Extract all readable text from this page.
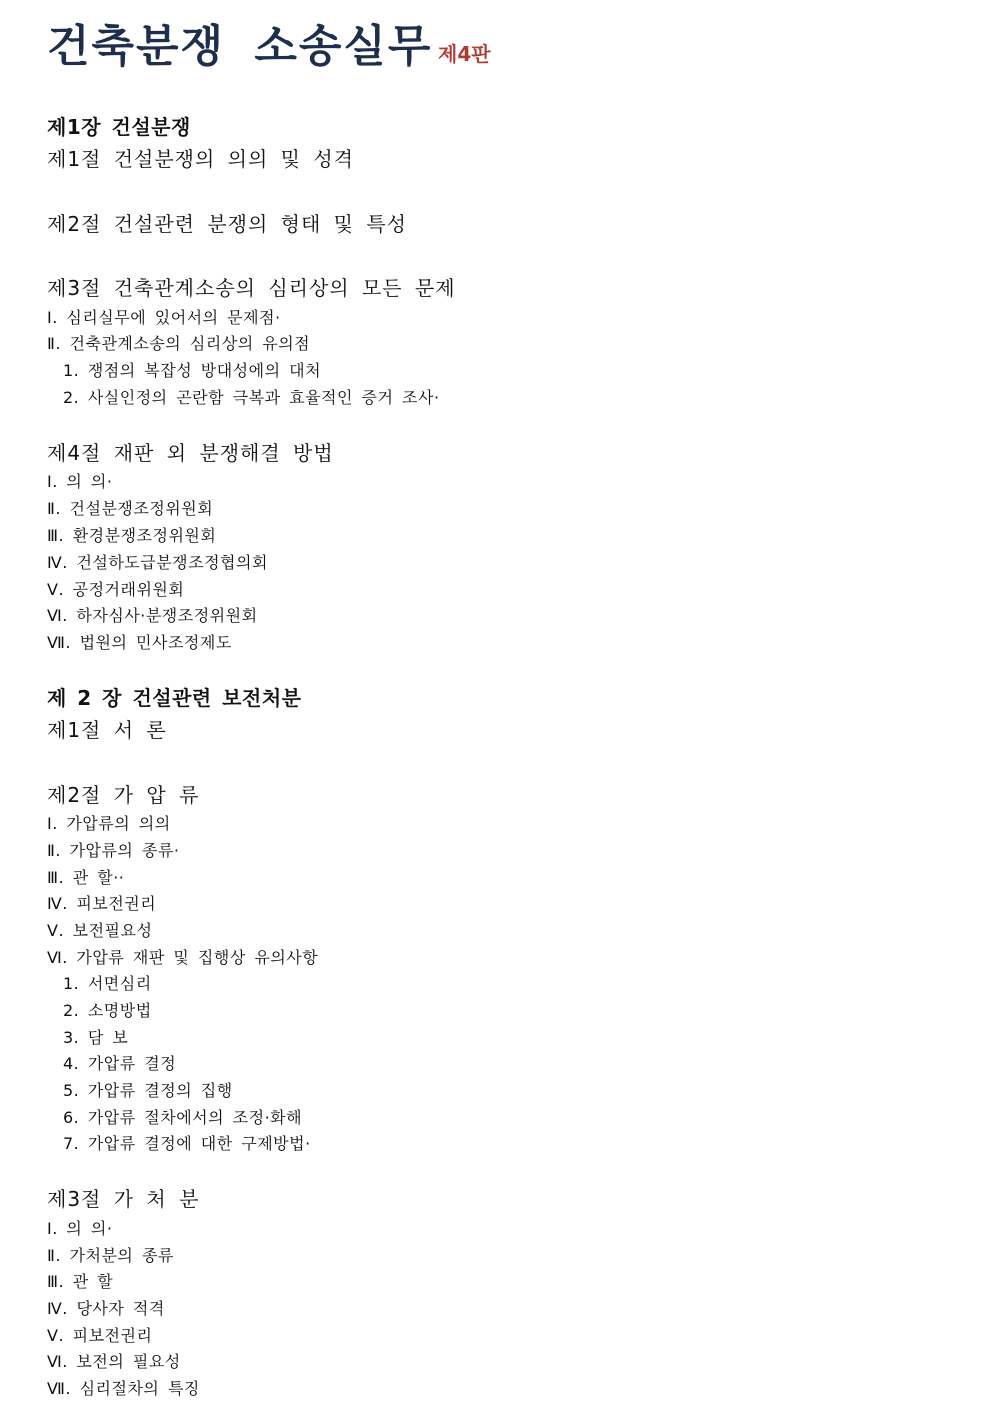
건축분쟁 소송실무 제4판
제1장 건설분쟁
제1절 건설분쟁의 의의 및 성격
제2절 건설관련 분쟁의 형태 및 특성
제3절 건축관계소송의 심리상의 모든 문제
Ⅰ. 심리실무에 있어서의 문제점·
Ⅱ. 건축관계소송의 심리상의 유의점
1. 쟁점의 복잡성 방대성에의 대처
2. 사실인정의 곤란함 극복과 효율적인 증거 조사·
제4절 재판 외 분쟁해결 방법
Ⅰ. 의 의·
Ⅱ. 건설분쟁조정위원회
Ⅲ. 환경분쟁조정위원회
Ⅳ. 건설하도급분쟁조정협의회
Ⅴ. 공정거래위원회
Ⅵ. 하자심사·분쟁조정위원회
Ⅶ. 법원의 민사조정제도
제 2 장 건설관련 보전처분
제1절 서 론
제2절 가 압 류
Ⅰ. 가압류의 의의
Ⅱ. 가압류의 종류·
Ⅲ. 관 할··
Ⅳ. 피보전권리
Ⅴ. 보전필요성
Ⅵ. 가압류 재판 및 집행상 유의사항
1. 서면심리
2. 소명방법
3. 담 보
4. 가압류 결정
5. 가압류 결정의 집행
6. 가압류 절차에서의 조정·화해
7. 가압류 결정에 대한 구제방법·
제3절 가 처 분
Ⅰ. 의 의·
Ⅱ. 가처분의 종류
Ⅲ. 관 할
Ⅳ. 당사자 적격
Ⅴ. 피보전권리
Ⅵ. 보전의 필요성
Ⅶ. 심리절차의 특징
